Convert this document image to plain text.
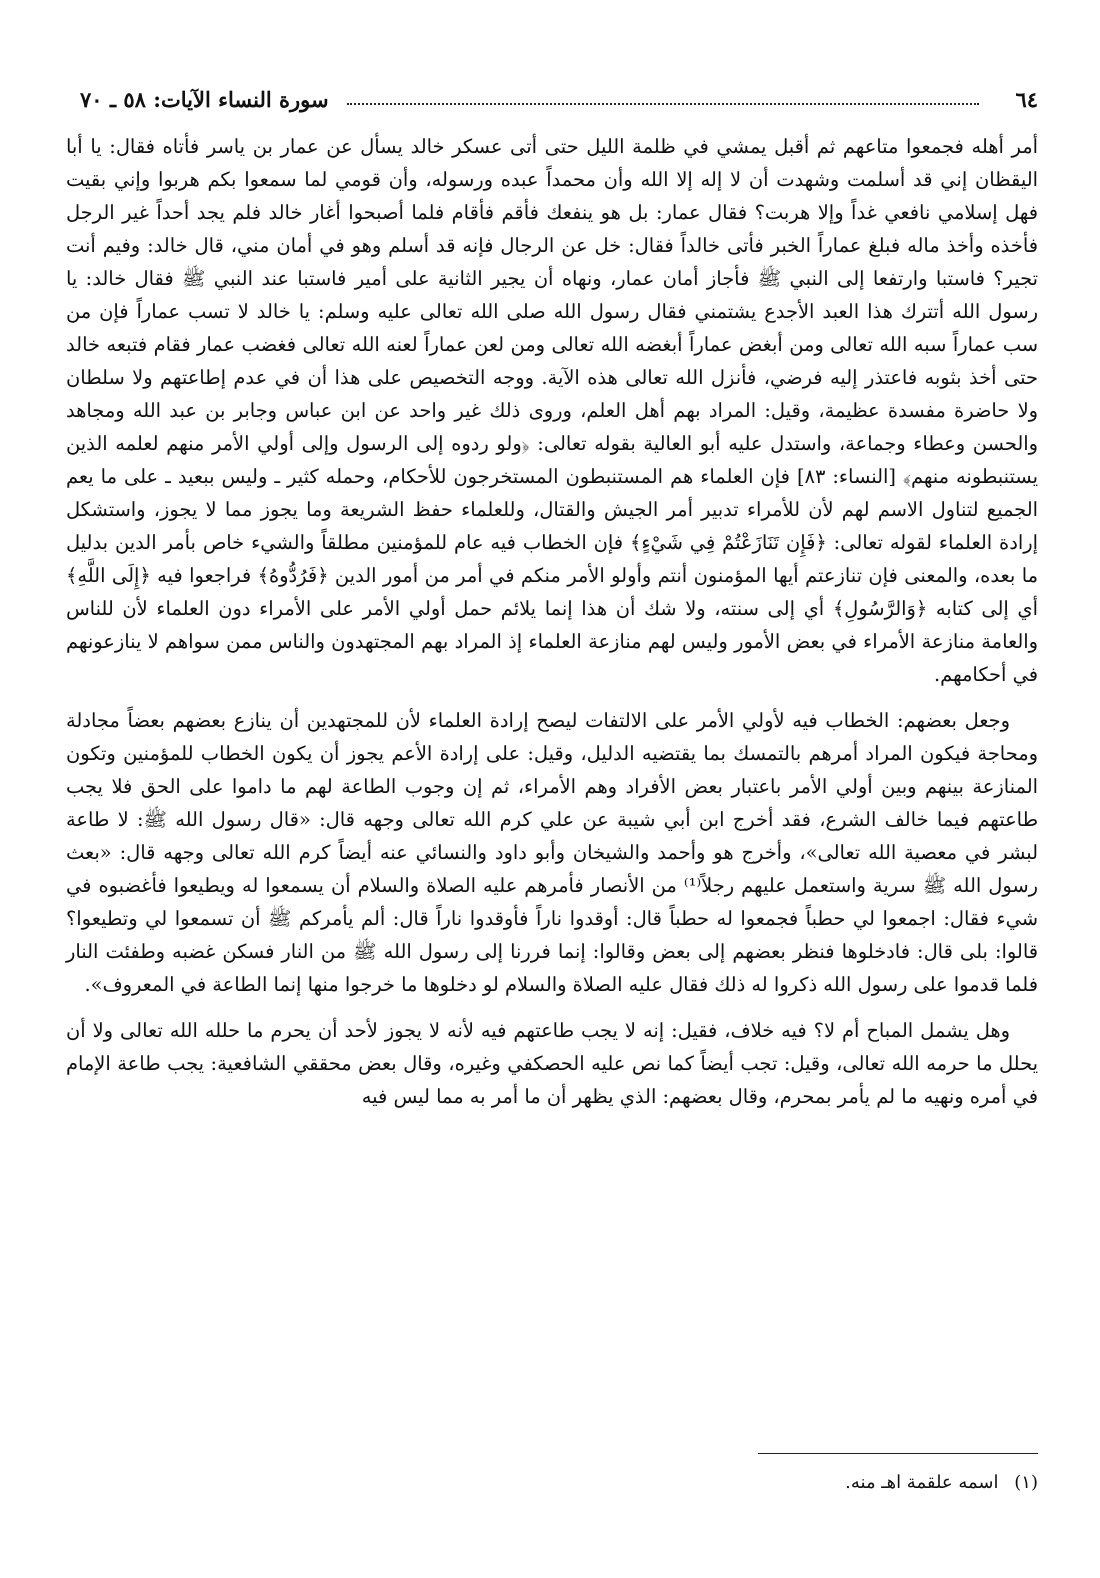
٦٤
سورة النساء الآيات: ٥٨ ـ ٧٠

أمر أهله فجمعوا متاعهم ثم أقبل يمشي في ظلمة الليل حتى أتى عسكر خالد يسأل عن عمار بن ياسر فأتاه فقال: يا أبا اليقظان إني قد أسلمت وشهدت أن لا إله إلا الله وأن محمداً عبده ورسوله، وأن قومي لما سمعوا بكم هربوا وإني بقيت فهل إسلامي نافعي غداً وإلا هربت؟ فقال عمار: بل هو ينفعك فأقم فأقام فلما أصبحوا أغار خالد فلم يجد أحداً غير الرجل فأخذه وأخذ ماله فبلغ عماراً الخبر فأتى خالداً فقال: خل عن الرجال فإنه قد أسلم وهو في أمان مني، قال خالد: وفيم أنت تجير؟ فاستبا وارتفعا إلى النبي ﷺ فأجاز أمان عمار، ونهاه أن يجير الثانية على أمير فاستبا عند النبي ﷺ فقال خالد: يا رسول الله أتترك هذا العبد الأجدع يشتمني فقال رسول الله صلى الله تعالى عليه وسلم: يا خالد لا تسب عماراً فإن من سب عماراً سبه الله تعالى ومن أبغض عماراً أبغضه الله تعالى ومن لعن عماراً لعنه الله تعالى فغضب عمار فقام فتبعه خالد حتى أخذ بثوبه فاعتذر إليه فرضي، فأنزل الله تعالى هذه الآية. ووجه التخصيص على هذا أن في عدم إطاعتهم ولا سلطان ولا حاضرة مفسدة عظيمة، وقيل: المراد بهم أهل العلم، وروى ذلك غير واحد عن ابن عباس وجابر بن عبد الله ومجاهد والحسن وعطاء وجماعة، واستدل عليه أبو العالية بقوله تعالى: ﴿ولو ردوه إلى الرسول وإلى أولي الأمر منهم لعلمه الذين يستنبطونه منهم﴾ [النساء: ٨٣] فإن العلماء هم المستنبطون المستخرجون للأحكام، وحمله كثير ـ وليس ببعيد ـ على ما يعم الجميع لتناول الاسم لهم لأن للأمراء تدبير أمر الجيش والقتال، وللعلماء حفظ الشريعة وما يجوز مما لا يجوز، واستشكل إرادة العلماء لقوله تعالى: ﴿فَإِن تَنَازَعْتُمْ فِي شَيْءٍ﴾ فإن الخطاب فيه عام للمؤمنين مطلقاً والشيء خاص بأمر الدين بدليل ما بعده، والمعنى فإن تنازعتم أيها المؤمنون أنتم وأولو الأمر منكم في أمر من أمور الدين ﴿فَرُدُّوهُ﴾ فراجعوا فيه ﴿إِلَى اللَّهِ﴾ أي إلى كتابه ﴿وَالرَّسُولِ﴾ أي إلى سنته، ولا شك أن هذا إنما يلائم حمل أولي الأمر على الأمراء دون العلماء لأن للناس والعامة منازعة الأمراء في بعض الأمور وليس لهم منازعة العلماء إذ المراد بهم المجتهدون والناس ممن سواهم لا ينازعونهم في أحكامهم.

وجعل بعضهم: الخطاب فيه لأولي الأمر على الالتفات ليصح إرادة العلماء لأن للمجتهدين أن ينازع بعضهم بعضاً مجادلة ومحاجة فيكون المراد أمرهم بالتمسك بما يقتضيه الدليل، وقيل: على إرادة الأعم يجوز أن يكون الخطاب للمؤمنين وتكون المنازعة بينهم وبين أولي الأمر باعتبار بعض الأفراد وهم الأمراء، ثم إن وجوب الطاعة لهم ما داموا على الحق فلا يجب طاعتهم فيما خالف الشرع، فقد أخرج ابن أبي شيبة عن علي كرم الله تعالى وجهه قال: «قال رسول الله ﷺ: لا طاعة لبشر في معصية الله تعالى»، وأخرج هو وأحمد والشيخان وأبو داود والنسائي عنه أيضاً كرم الله تعالى وجهه قال: «بعث رسول الله ﷺ سرية واستعمل عليهم رجلاً⁽¹⁾ من الأنصار فأمرهم عليه الصلاة والسلام أن يسمعوا له ويطيعوا فأغضبوه في شيء فقال: اجمعوا لي حطباً فجمعوا له حطباً قال: أوقدوا ناراً فأوقدوا ناراً قال: ألم يأمركم ﷺ أن تسمعوا لي وتطيعوا؟ قالوا: بلى قال: فادخلوها فنظر بعضهم إلى بعض وقالوا: إنما فررنا إلى رسول الله ﷺ من النار فسكن غضبه وطفئت النار فلما قدموا على رسول الله ذكروا له ذلك فقال عليه الصلاة والسلام لو دخلوها ما خرجوا منها إنما الطاعة في المعروف».

وهل يشمل المباح أم لا؟ فيه خلاف، فقيل: إنه لا يجب طاعتهم فيه لأنه لا يجوز لأحد أن يحرم ما حلله الله تعالى ولا أن يحلل ما حرمه الله تعالى، وقيل: تجب أيضاً كما نص عليه الحصكفي وغيره، وقال بعض محققي الشافعية: يجب طاعة الإمام في أمره ونهيه ما لم يأمر بمحرم، وقال بعضهم: الذي يظهر أن ما أمر به مما ليس فيه

(١) اسمه علقمة اهـ منه.
